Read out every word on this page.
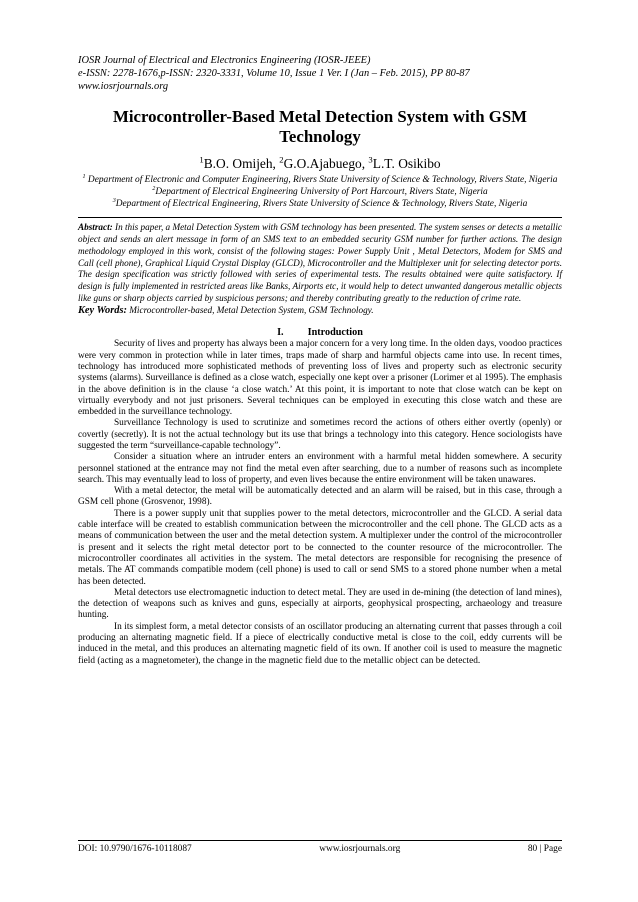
IOSR Journal of Electrical and Electronics Engineering (IOSR-JEEE)
e-ISSN: 2278-1676,p-ISSN: 2320-3331, Volume 10, Issue 1 Ver. I (Jan – Feb. 2015), PP 80-87
www.iosrjournals.org
Microcontroller-Based Metal Detection System with GSM Technology
$^1$B.O. Omijeh, $^2$G.O.Ajabuego, $^3$L.T. Osikibo
$^1$ Department of Electronic and Computer Engineering, Rivers State University of Science & Technology, Rivers State, Nigeria
$^2$Department of Electrical Engineering University of Port Harcourt, Rivers State, Nigeria
$^3$Department of Electrical Engineering, Rivers State University of Science & Technology, Rivers State, Nigeria
Abstract: In this paper, a Metal Detection System with GSM technology has been presented. The system senses or detects a metallic object and sends an alert message in form of an SMS text to an embedded security GSM number for further actions. The design methodology employed in this work, consist of the following stages: Power Supply Unit , Metal Detectors, Modem for SMS and Call (cell phone), Graphical Liquid Crystal Display (GLCD), Microcontroller and the Multiplexer unit for selecting detector ports. The design specification was strictly followed with series of experimental tests. The results obtained were quite satisfactory. If design is fully implemented in restricted areas like Banks, Airports etc, it would help to detect unwanted dangerous metallic objects like guns or sharp objects carried by suspicious persons; and thereby contributing greatly to the reduction of crime rate.
Key Words: Microcontroller-based, Metal Detection System, GSM Technology.
I. Introduction

Security of lives and property has always been a major concern for a very long time. In the olden days, voodoo practices were very common in protection while in later times, traps made of sharp and harmful objects came into use. In recent times, technology has introduced more sophisticated methods of preventing loss of lives and property such as electronic security systems (alarms). Surveillance is defined as a close watch, especially one kept over a prisoner (Lorimer et al 1995). The emphasis in the above definition is in the clause ‘a close watch.’ At this point, it is important to note that close watch can be kept on virtually everybody and not just prisoners. Several techniques can be employed in executing this close watch and these are embedded in the surveillance technology.

Surveillance Technology is used to scrutinize and sometimes record the actions of others either overtly (openly) or covertly (secretly). It is not the actual technology but its use that brings a technology into this category. Hence sociologists have suggested the term “surveillance-capable technology”.

Consider a situation where an intruder enters an environment with a harmful metal hidden somewhere. A security personnel stationed at the entrance may not find the metal even after searching, due to a number of reasons such as incomplete search. This may eventually lead to loss of property, and even lives because the entire environment will be taken unawares.

With a metal detector, the metal will be automatically detected and an alarm will be raised, but in this case, through a GSM cell phone (Grosvenor, 1998).

There is a power supply unit that supplies power to the metal detectors, microcontroller and the GLCD. A serial data cable interface will be created to establish communication between the microcontroller and the cell phone. The GLCD acts as a means of communication between the user and the metal detection system. A multiplexer under the control of the microcontroller is present and it selects the right metal detector port to be connected to the counter resource of the microcontroller. The microcontroller coordinates all activities in the system. The metal detectors are responsible for recognising the presence of metals. The AT commands compatible modem (cell phone) is used to call or send SMS to a stored phone number when a metal has been detected.

Metal detectors use electromagnetic induction to detect metal. They are used in de-mining (the detection of land mines), the detection of weapons such as knives and guns, especially at airports, geophysical prospecting, archaeology and treasure hunting.

In its simplest form, a metal detector consists of an oscillator producing an alternating current that passes through a coil producing an alternating magnetic field. If a piece of electrically conductive metal is close to the coil, eddy currents will be induced in the metal, and this produces an alternating magnetic field of its own. If another coil is used to measure the magnetic field (acting as a magnetometer), the change in the magnetic field due to the metallic object can be detected.

DOI: 10.9790/1676-10118087	www.iosrjournals.org	80 | Page
